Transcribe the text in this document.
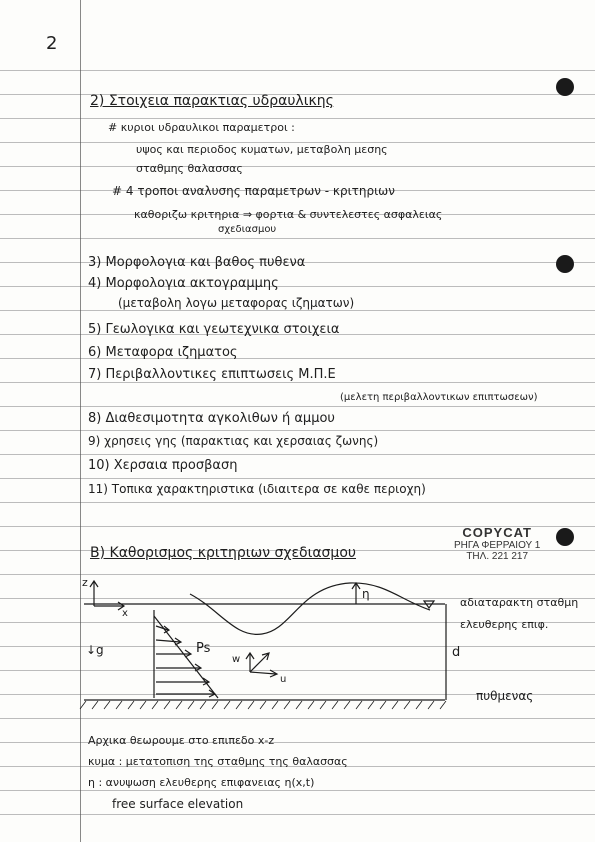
2
2) Στοιχεια παρακτιας υδραυλικης
# κυριοι υδραυλικοι παραμετροι :
υψος και περιοδος κυματων, μεταβολη μεσης
σταθμης θαλασσας
# 4 τροποι αναλυσης παραμετρων - κριτηριων
καθοριζω κριτηρια ⇒ φορτια & συντελεστες ασφαλειας
σχεδιασμου
3) Μορφολογια και βαθος πυθενα
4) Μορφολογια ακτογραμμης
(μεταβολη λογω μεταφορας ιζηματων)
5) Γεωλογικα και γεωτεχνικα στοιχεια
6) Μεταφορα ιζηματος
7) Περιβαλλοντικες επιπτωσεις Μ.Π.Ε
(μελετη περιβαλλοντικων επιπτωσεων)
8) Διαθεσιμοτητα αγκολιθων ή αμμου
9) χρησεις γης (παρακτιας και χερσαιας ζωνης)
10) Χερσαια προσβαση
11) Τοπικα χαρακτηριστικα (ιδιαιτερα σε καθε περιοχη)
B) Καθορισμος κριτηριων σχεδιασμου
COPYCAT
ΡΗΓΑ ΦΕΡΡΑΙΟΥ 1
ΤΗΛ. 221 217
z
x
↓g	Ps
w
u
η
d
αδιαταρακτη σταθμη
ελευθερης επιφ.
πυθμενας
Αρχικα θεωρουμε στο επιπεδο x-z
κυμα : μετατοπιση της σταθμης της θαλασσας
η : ανυψωση ελευθερης επιφανειας η(x,t)
free surface elevation
